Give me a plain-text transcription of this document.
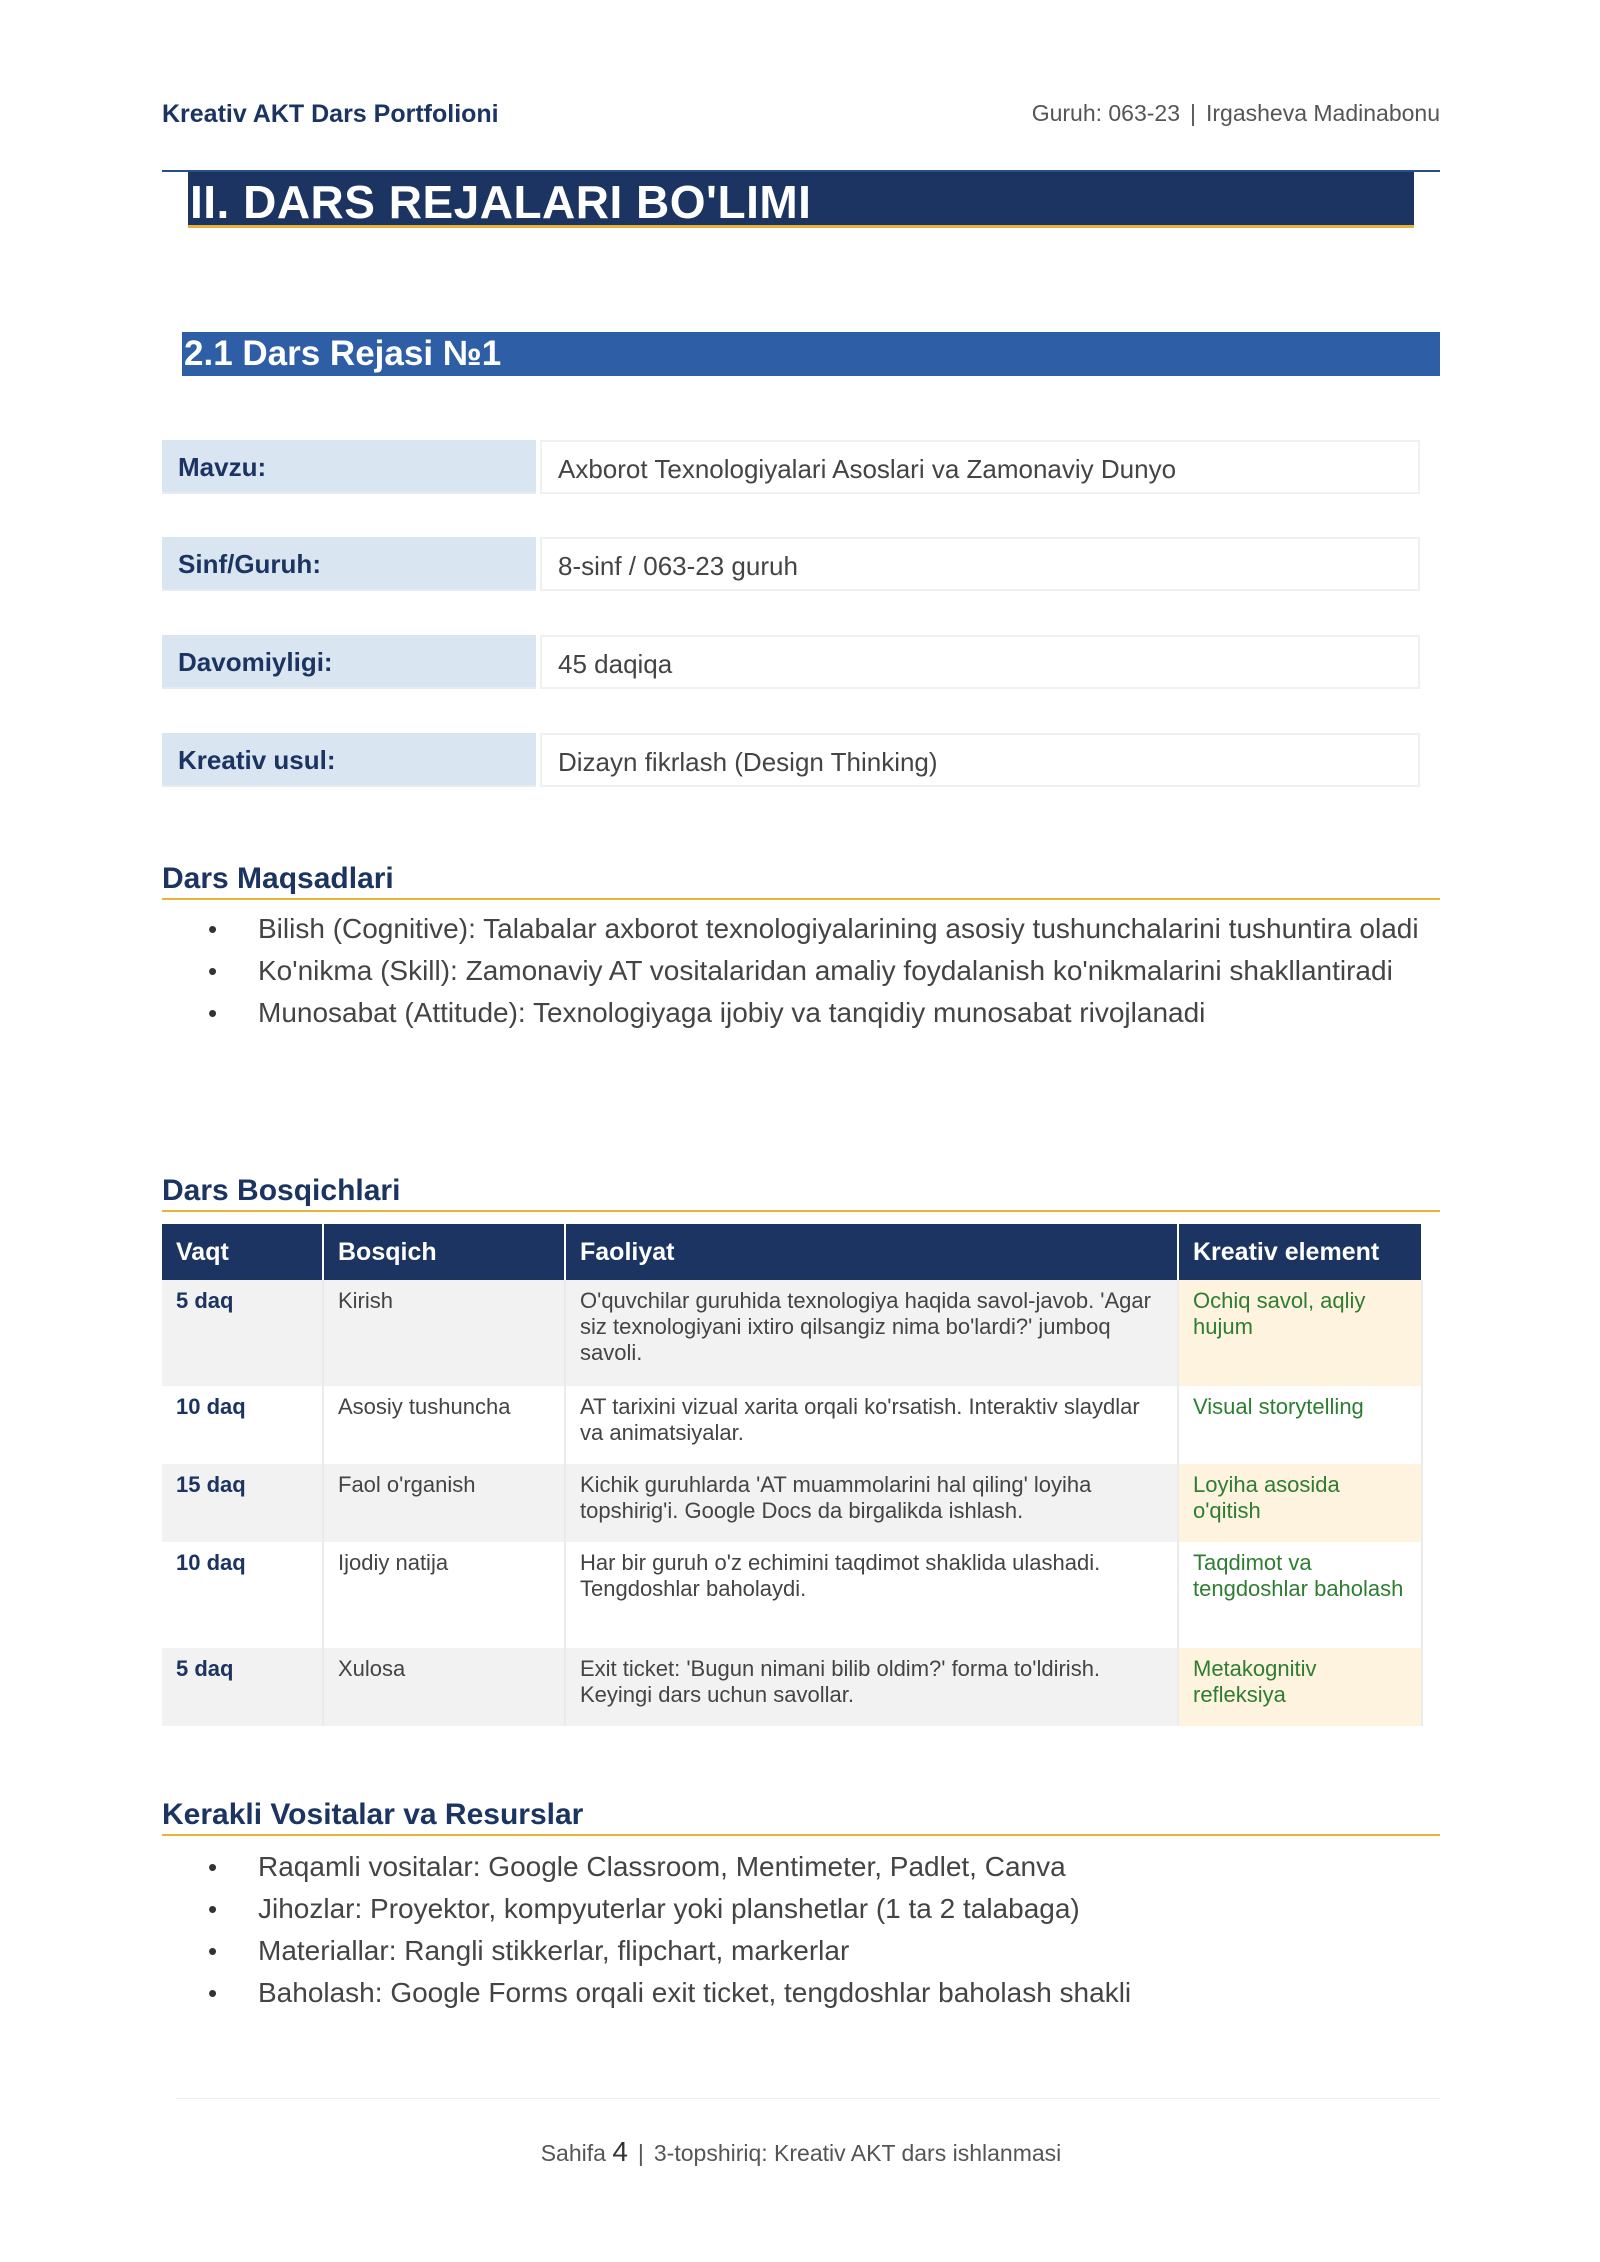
Kreativ AKT Dars Portfolioni	Guruh: 063-23 | Irgasheva Madinabonu
II. DARS REJALARI BO'LIMI
2.1 Dars Rejasi №1
Mavzu:	Axborot Texnologiyalari Asoslari va Zamonaviy Dunyo
Sinf/Guruh:	8-sinf / 063-23 guruh
Davomiyligi:	45 daqiqa
Kreativ usul:	Dizayn fikrlash (Design Thinking)
Dars Maqsadlari
• Bilish (Cognitive): Talabalar axborot texnologiyalarining asosiy tushunchalarini tushuntira oladi
• Ko'nikma (Skill): Zamonaviy AT vositalaridan amaliy foydalanish ko'nikmalarini shakllantiradi
• Munosabat (Attitude): Texnologiyaga ijobiy va tanqidiy munosabat rivojlanadi
Dars Bosqichlari
Vaqt	Bosqich	Faoliyat	Kreativ element
5 daq	Kirish	O'quvchilar guruhida texnologiya haqida savol-javob. 'Agar siz texnologiyani ixtiro qilsangiz nima bo'lardi?' jumboq savoli.	Ochiq savol, aqliy hujum
10 daq	Asosiy tushuncha	AT tarixini vizual xarita orqali ko'rsatish. Interaktiv slaydlar va animatsiyalar.	Visual storytelling
15 daq	Faol o'rganish	Kichik guruhlarda 'AT muammolarini hal qiling' loyiha topshirig'i. Google Docs da birgalikda ishlash.	Loyiha asosida o'qitish
10 daq	Ijodiy natija	Har bir guruh o'z echimini taqdimot shaklida ulashadi. Tengdoshlar baholaydi.	Taqdimot va tengdoshlar baholash
5 daq	Xulosa	Exit ticket: 'Bugun nimani bilib oldim?' forma to'ldirish. Keyingi dars uchun savollar.	Metakognitiv refleksiya
Kerakli Vositalar va Resurslar
• Raqamli vositalar: Google Classroom, Mentimeter, Padlet, Canva
• Jihozlar: Proyektor, kompyuterlar yoki planshetlar (1 ta 2 talabaga)
• Materiallar: Rangli stikkerlar, flipchart, markerlar
• Baholash: Google Forms orqali exit ticket, tengdoshlar baholash shakli
Sahifa 4 | 3-topshiriq: Kreativ AKT dars ishlanmasi
